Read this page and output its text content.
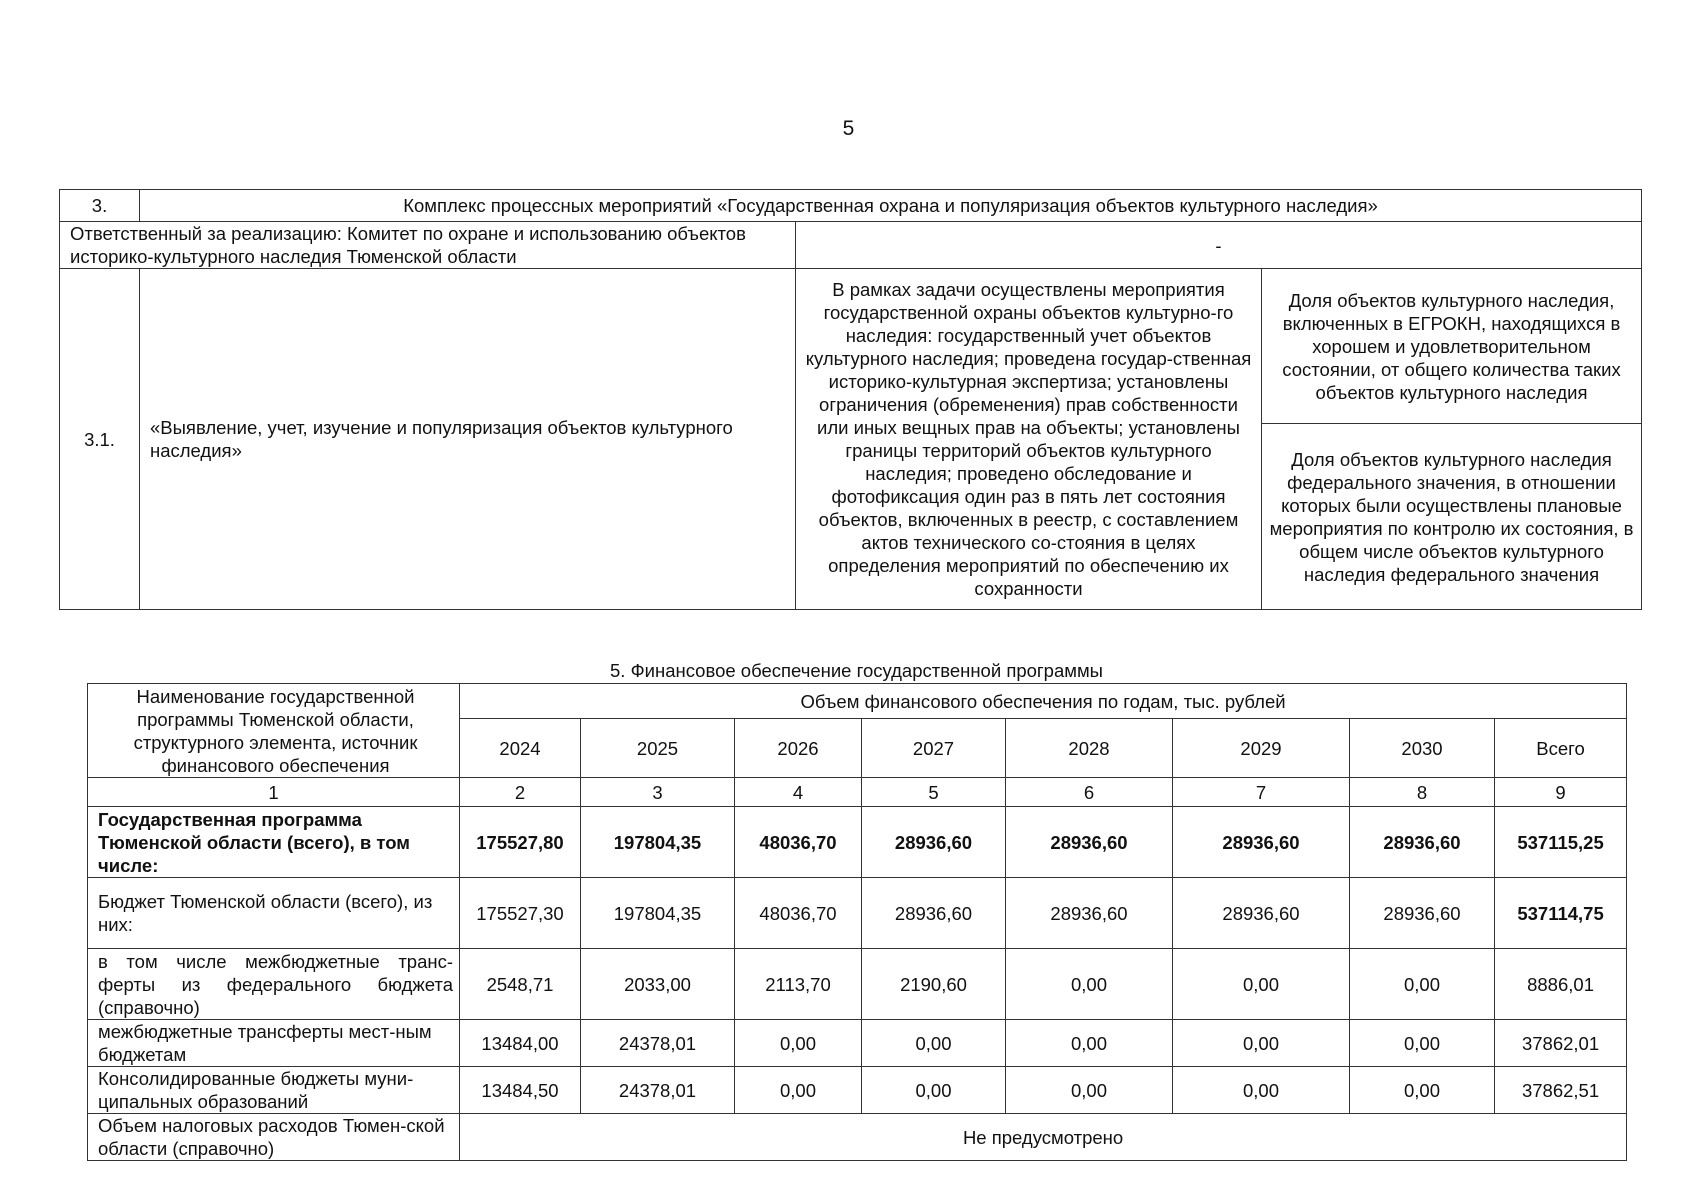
5
3.	Комплекс процессных мероприятий «Государственная охрана и популяризация объектов культурного наследия»		
Ответственный за реализацию: Комитет по охране и использованию объектов историко-культурного наследия Тюменской области		-	
3.1.	«Выявление, учет, изучение и популяризация объектов культурного наследия»	В рамках задачи осуществлены мероприятия государственной охраны объектов культурно-го наследия: государственный учет объектов культурного наследия; проведена государ-ственная историко-культурная экспертиза; установлены ограничения (обременения) прав собственности или иных вещных прав на объекты; установлены границы территорий объектов культурного наследия; проведено обследование и фотофиксация один раз в пять лет состояния объектов, включенных в реестр, с составлением актов технического со-стояния в целях определения мероприятий по обеспечению их сохранности	Доля объектов культурного наследия, включенных в ЕГРОКН, находящихся в хорошем и удовлетворительном состоянии, от общего количества таких объектов культурного наследия
			Доля объектов культурного наследия федерального значения, в отношении которых были осуществлены плановые мероприятия по контролю их состояния, в общем числе объектов культурного наследия федерального значения
5. Финансовое обеспечение государственной программы
Наименование государственной программы Тюменской области, структурного элемента, источник финансового обеспечения	Объем финансового обеспечения по годам, тыс. рублей							
	2024	2025	2026	2027	2028	2029	2030	Всего
1	2	3	4	5	6	7	8	9
Государственная программа Тюменской области (всего), в том числе:	175527,80	197804,35	48036,70	28936,60	28936,60	28936,60	28936,60	537115,25
Бюджет Тюменской области (всего), из них:	175527,30	197804,35	48036,70	28936,60	28936,60	28936,60	28936,60	537114,75
в том числе межбюджетные транс-ферты из федерального бюджета (справочно)	2548,71	2033,00	2113,70	2190,60	0,00	0,00	0,00	8886,01
межбюджетные трансферты мест-ным бюджетам	13484,00	24378,01	0,00	0,00	0,00	0,00	0,00	37862,01
Консолидированные бюджеты муни-ципальных образований	13484,50	24378,01	0,00	0,00	0,00	0,00	0,00	37862,51
Объем налоговых расходов Тюмен-ской области (справочно)	Не предусмотрено							
